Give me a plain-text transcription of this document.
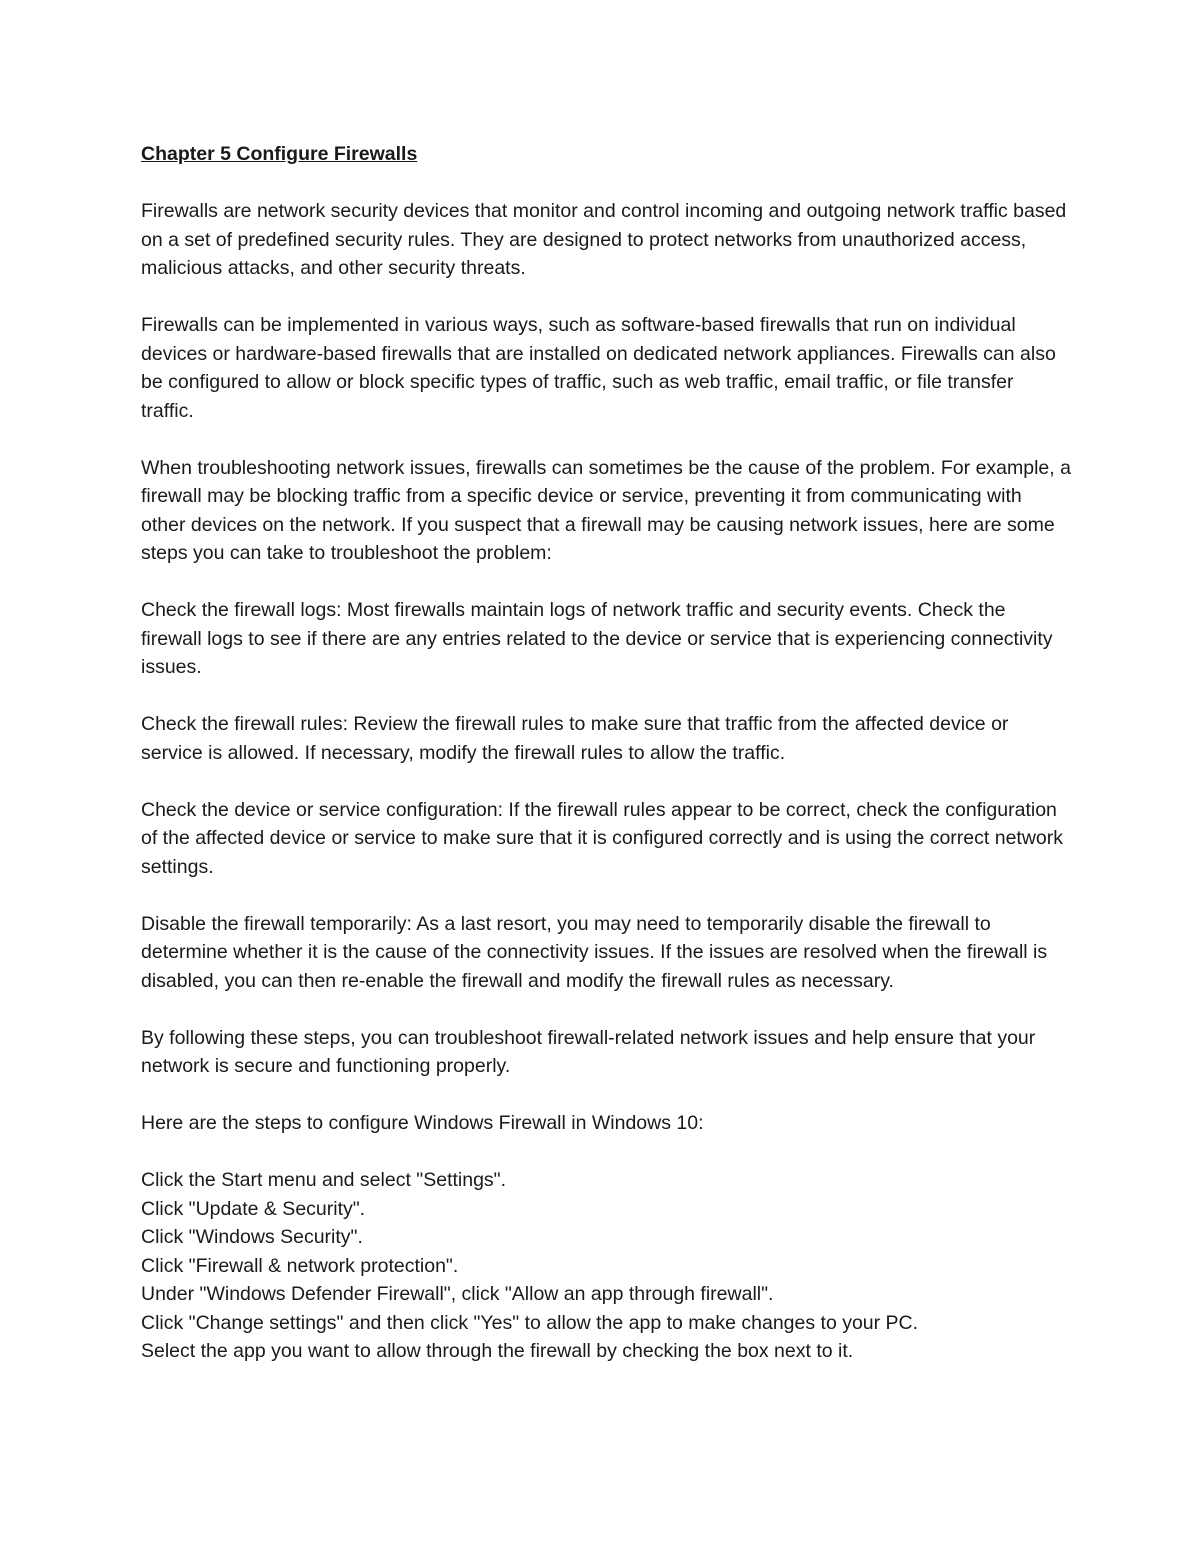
Chapter 5 Configure Firewalls

Firewalls are network security devices that monitor and control incoming and outgoing network traffic based on a set of predefined security rules. They are designed to protect networks from unauthorized access, malicious attacks, and other security threats.

Firewalls can be implemented in various ways, such as software-based firewalls that run on individual devices or hardware-based firewalls that are installed on dedicated network appliances. Firewalls can also be configured to allow or block specific types of traffic, such as web traffic, email traffic, or file transfer traffic.

When troubleshooting network issues, firewalls can sometimes be the cause of the problem. For example, a firewall may be blocking traffic from a specific device or service, preventing it from communicating with other devices on the network. If you suspect that a firewall may be causing network issues, here are some steps you can take to troubleshoot the problem:

Check the firewall logs: Most firewalls maintain logs of network traffic and security events. Check the firewall logs to see if there are any entries related to the device or service that is experiencing connectivity issues.

Check the firewall rules: Review the firewall rules to make sure that traffic from the affected device or service is allowed. If necessary, modify the firewall rules to allow the traffic.

Check the device or service configuration: If the firewall rules appear to be correct, check the configuration of the affected device or service to make sure that it is configured correctly and is using the correct network settings.

Disable the firewall temporarily: As a last resort, you may need to temporarily disable the firewall to determine whether it is the cause of the connectivity issues. If the issues are resolved when the firewall is disabled, you can then re-enable the firewall and modify the firewall rules as necessary.

By following these steps, you can troubleshoot firewall-related network issues and help ensure that your network is secure and functioning properly.

Here are the steps to configure Windows Firewall in Windows 10:

Click the Start menu and select "Settings".
Click "Update & Security".
Click "Windows Security".
Click "Firewall & network protection".
Under "Windows Defender Firewall", click "Allow an app through firewall".
Click "Change settings" and then click "Yes" to allow the app to make changes to your PC.
Select the app you want to allow through the firewall by checking the box next to it.
